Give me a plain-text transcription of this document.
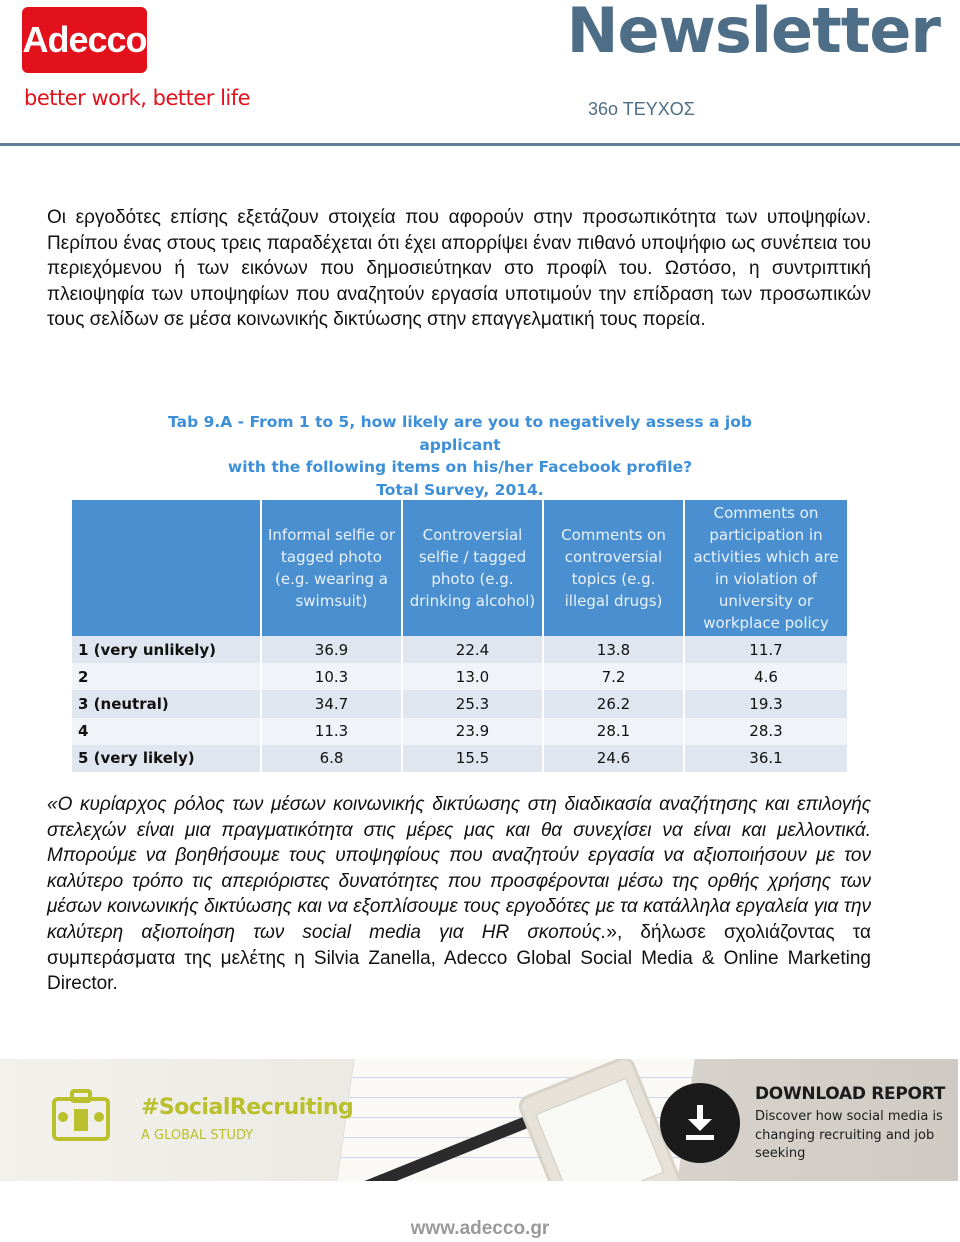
Adecco
better work, better life
Newsletter
36ο ΤΕΥΧΟΣ

Οι εργοδότες επίσης εξετάζουν στοιχεία που αφορούν στην προσωπικότητα των υποψηφίων. Περίπου ένας στους τρεις παραδέχεται ότι έχει απορρίψει έναν πιθανό υποψήφιο ως συνέπεια του περιεχόμενου ή των εικόνων που δημοσιεύτηκαν στο προφίλ του. Ωστόσο, η συντριπτική πλειοψηφία των υποψηφίων που αναζητούν εργασία υποτιμούν την επίδραση των προσωπικών τους σελίδων σε μέσα κοινωνικής δικτύωσης στην επαγγελματική τους πορεία.

Tab 9.A - From 1 to 5, how likely are you to negatively assess a job applicant
with the following items on his/her Facebook profile?
Total Survey, 2014.
	Informal selfie or tagged photo (e.g. wearing a swimsuit)	Controversial selfie / tagged photo (e.g. drinking alcohol)	Comments on controversial topics (e.g. illegal drugs)	Comments on participation in activities which are in violation of university or workplace policy
1 (very unlikely)	36.9	22.4	13.8	11.7
2	10.3	13.0	7.2	4.6
3 (neutral)	34.7	25.3	26.2	19.3
4	11.3	23.9	28.1	28.3
5 (very likely)	6.8	15.5	24.6	36.1

«Ο κυρίαρχος ρόλος των μέσων κοινωνικής δικτύωσης στη διαδικασία αναζήτησης και επιλογής στελεχών είναι μια πραγματικότητα στις μέρες μας και θα συνεχίσει να είναι και μελλοντικά. Μπορούμε να βοηθήσουμε τους υποψηφίους που αναζητούν εργασία να αξιοποιήσουν με τον καλύτερο τρόπο τις απεριόριστες δυνατότητες που προσφέρονται μέσω της ορθής χρήσης των μέσων κοινωνικής δικτύωσης και να εξοπλίσουμε τους εργοδότες με τα κατάλληλα εργαλεία για την καλύτερη αξιοποίηση των social media για HR σκοπούς.», δήλωσε σχολιάζοντας τα συμπεράσματα της μελέτης η Silvia Zanella, Adecco Global Social Media & Online Marketing Director.

#SocialRecruiting
A GLOBAL STUDY
DOWNLOAD REPORT
Discover how social media is changing recruiting and job seeking
www.adecco.gr
